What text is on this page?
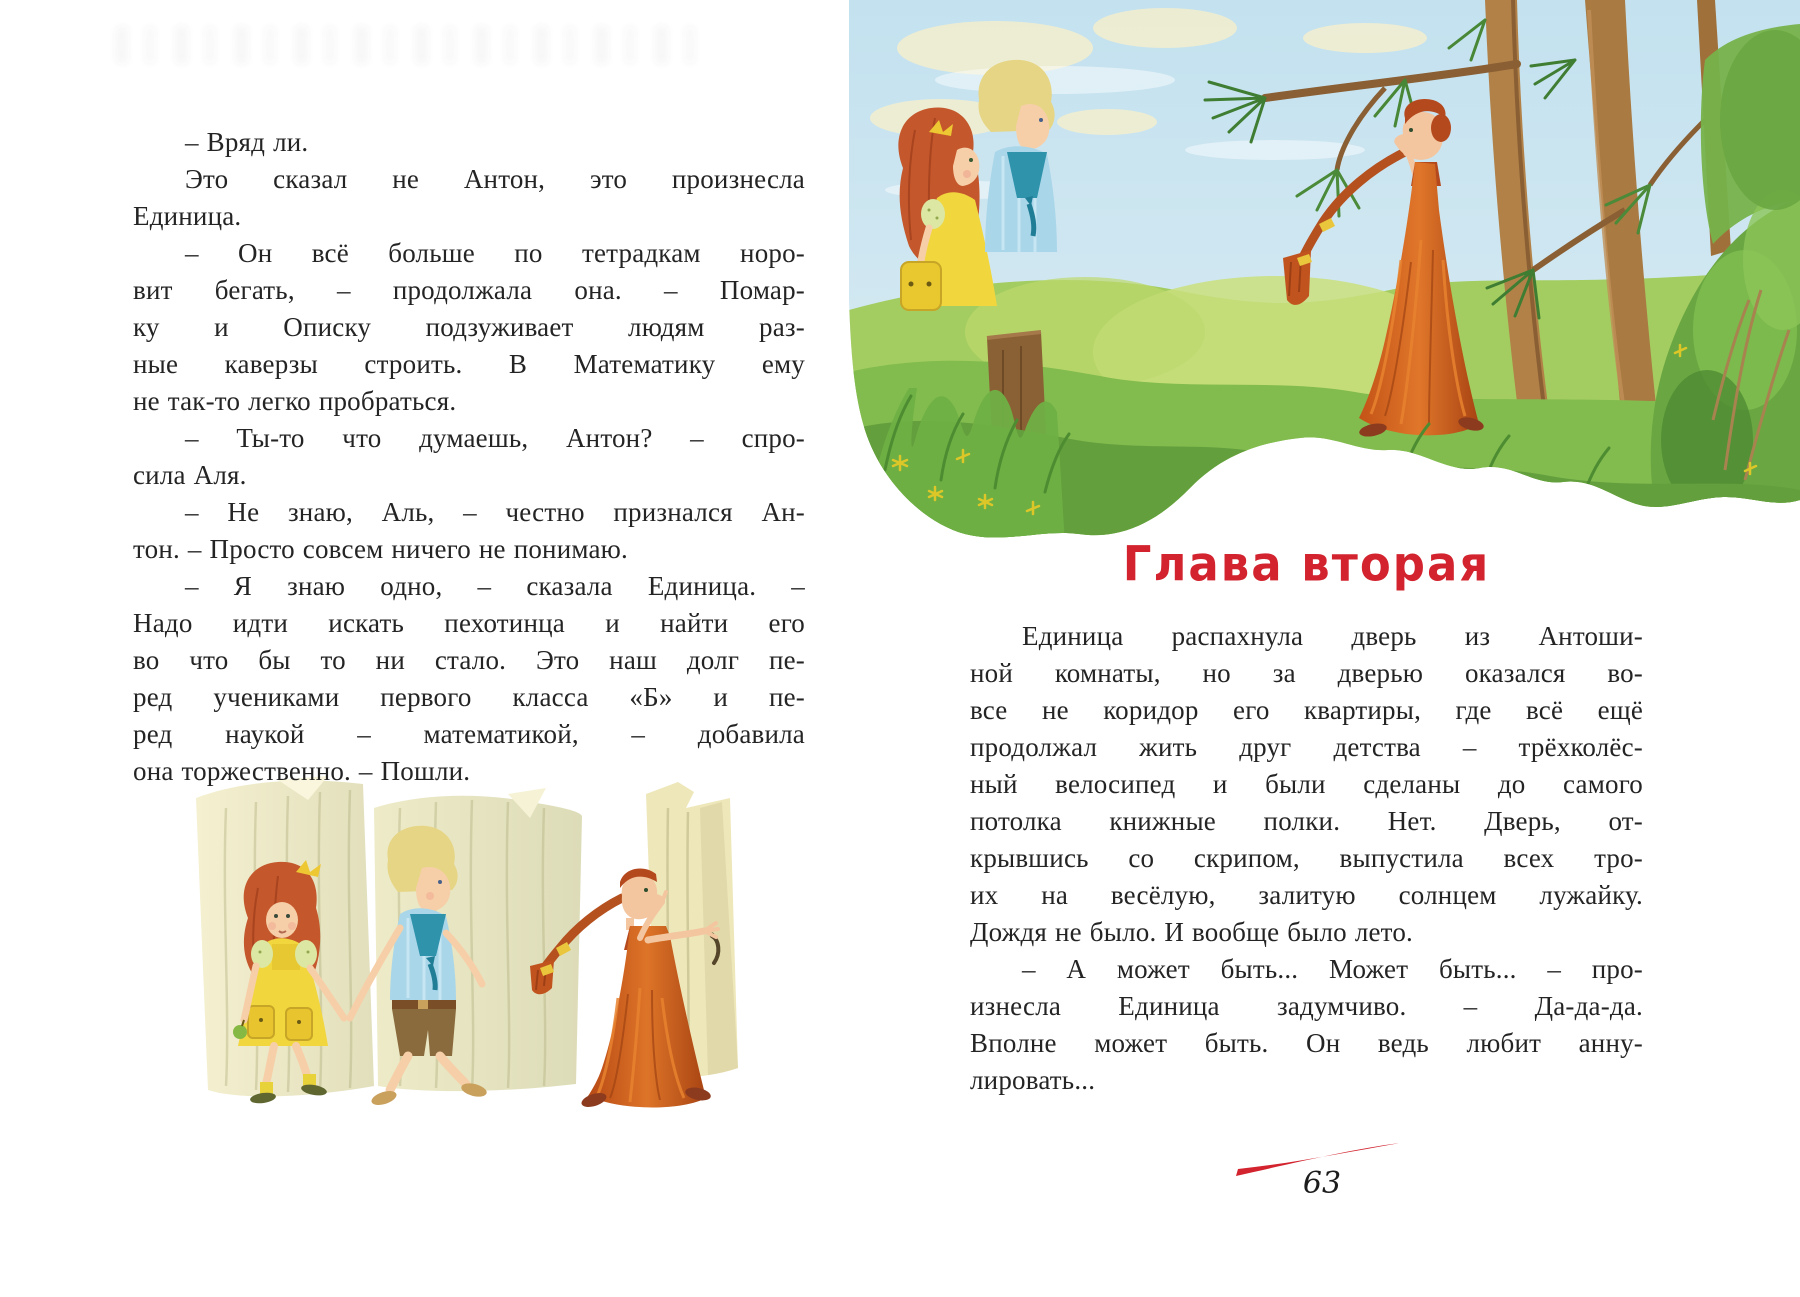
– Вряд ли.
Это сказал не Антон, это произнесла
Единица.
– Он всё больше по тетрадкам норо-
вит бегать, – продолжала она. – Помар-
ку и Описку подзуживает людям раз-
ные каверзы строить. В Математику ему
не так-то легко пробраться.
– Ты-то что думаешь, Антон? – спро-
сила Аля.
– Не знаю, Аль, – честно признался Ан-
тон. – Просто совсем ничего не понимаю.
– Я знаю одно, – сказала Единица. –
Надо идти искать пехотинца и найти его
во что бы то ни стало. Это наш долг пе-
ред учениками первого класса «Б» и пе-
ред наукой – математикой, – добавила
она торжественно. – Пошли.
Глава вторая
Единица распахнула дверь из Антоши-
ной комнаты, но за дверью оказался во-
все не коридор его квартиры, где всё ещё
продолжал жить друг детства – трёхколёс-
ный велосипед и были сделаны до самого
потолка книжные полки. Нет. Дверь, от-
крывшись со скрипом, выпустила всех тро-
их на весёлую, залитую солнцем лужайку.
Дождя не было. И вообще было лето.
– А может быть... Может быть... – про-
изнесла Единица задумчиво. – Да-да-да.
Вполне может быть. Он ведь любит анну-
лировать...
63
